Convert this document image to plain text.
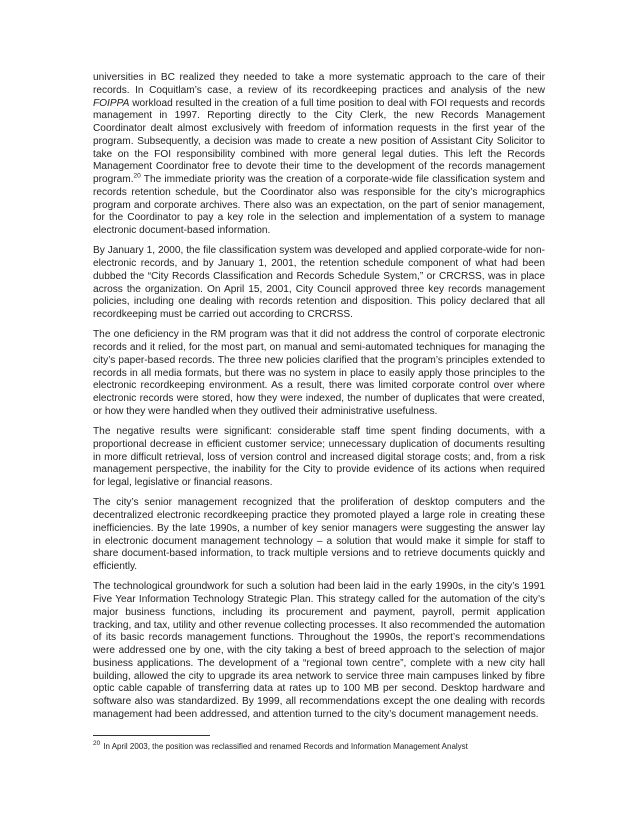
universities in BC realized they needed to take a more systematic approach to the care of their records. In Coquitlam’s case, a review of its recordkeeping practices and analysis of the new FOIPPA workload resulted in the creation of a full time position to deal with FOI requests and records management in 1997. Reporting directly to the City Clerk, the new Records Management Coordinator dealt almost exclusively with freedom of information requests in the first year of the program. Subsequently, a decision was made to create a new position of Assistant City Solicitor to take on the FOI responsibility combined with more general legal duties. This left the Records Management Coordinator free to devote their time to the development of the records management program.$^{20}$ The immediate priority was the creation of a corporate-wide file classification system and records retention schedule, but the Coordinator also was responsible for the city’s micrographics program and corporate archives. There also was an expectation, on the part of senior management, for the Coordinator to pay a key role in the selection and implementation of a system to manage electronic document-based information.

By January 1, 2000, the file classification system was developed and applied corporate-wide for non-electronic records, and by January 1, 2001, the retention schedule component of what had been dubbed the “City Records Classification and Records Schedule System,” or CRCRSS, was in place across the organization. On April 15, 2001, City Council approved three key records management policies, including one dealing with records retention and disposition. This policy declared that all recordkeeping must be carried out according to CRCRSS.

The one deficiency in the RM program was that it did not address the control of corporate electronic records and it relied, for the most part, on manual and semi-automated techniques for managing the city’s paper-based records. The three new policies clarified that the program’s principles extended to records in all media formats, but there was no system in place to easily apply those principles to the electronic recordkeeping environment. As a result, there was limited corporate control over where electronic records were stored, how they were indexed, the number of duplicates that were created, or how they were handled when they outlived their administrative usefulness.

The negative results were significant: considerable staff time spent finding documents, with a proportional decrease in efficient customer service; unnecessary duplication of documents resulting in more difficult retrieval, loss of version control and increased digital storage costs; and, from a risk management perspective, the inability for the City to provide evidence of its actions when required for legal, legislative or financial reasons.

The city’s senior management recognized that the proliferation of desktop computers and the decentralized electronic recordkeeping practice they promoted played a large role in creating these inefficiencies. By the late 1990s, a number of key senior managers were suggesting the answer lay in electronic document management technology – a solution that would make it simple for staff to share document-based information, to track multiple versions and to retrieve documents quickly and efficiently.

The technological groundwork for such a solution had been laid in the early 1990s, in the city’s 1991 Five Year Information Technology Strategic Plan. This strategy called for the automation of the city’s major business functions, including its procurement and payment, payroll, permit application tracking, and tax, utility and other revenue collecting processes. It also recommended the automation of its basic records management functions. Throughout the 1990s, the report’s recommendations were addressed one by one, with the city taking a best of breed approach to the selection of major business applications. The development of a “regional town centre”, complete with a new city hall building, allowed the city to upgrade its area network to service three main campuses linked by fibre optic cable capable of transferring data at rates up to 100 MB per second. Desktop hardware and software also was standardized. By 1999, all recommendations except the one dealing with records management had been addressed, and attention turned to the city’s document management needs.

$^{20}$ In April 2003, the position was reclassified and renamed Records and Information Management Analyst
